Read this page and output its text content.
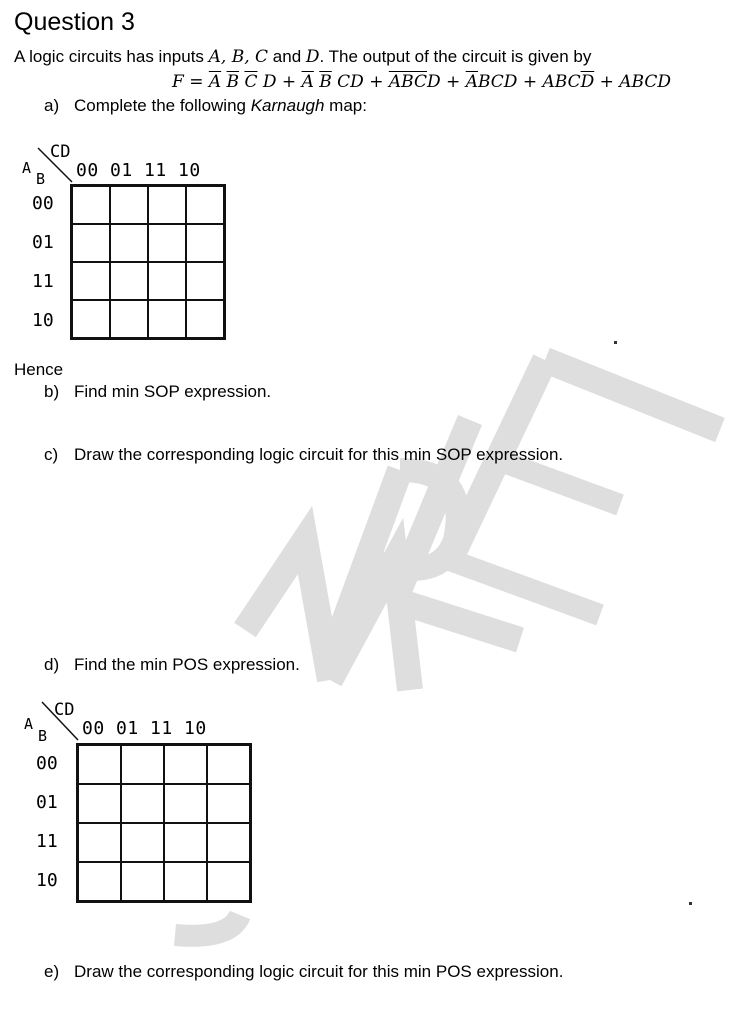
Question 3
A logic circuits has inputs A, B, C and D. The output of the circuit is given by
$F = \overline{A}$ $\overline{B}$ $\overline{C}$ $D + \overline{A}$ $\overline{B}$ CD + $\overline{AB}\overline{C}D + \overline{A}BCD + ABC\overline{D}$ + ABCD
a) Complete the following Karnaugh map:
CD
A
B 00 01 11 10
00
01
11
10
Hence
b) Find min SOP expression.
c) Draw the corresponding logic circuit for this min SOP expression.
d) Find the min POS expression.
CD
A
B 00 01 11 10
00
01
11
10
e) Draw the corresponding logic circuit for this min POS expression.
